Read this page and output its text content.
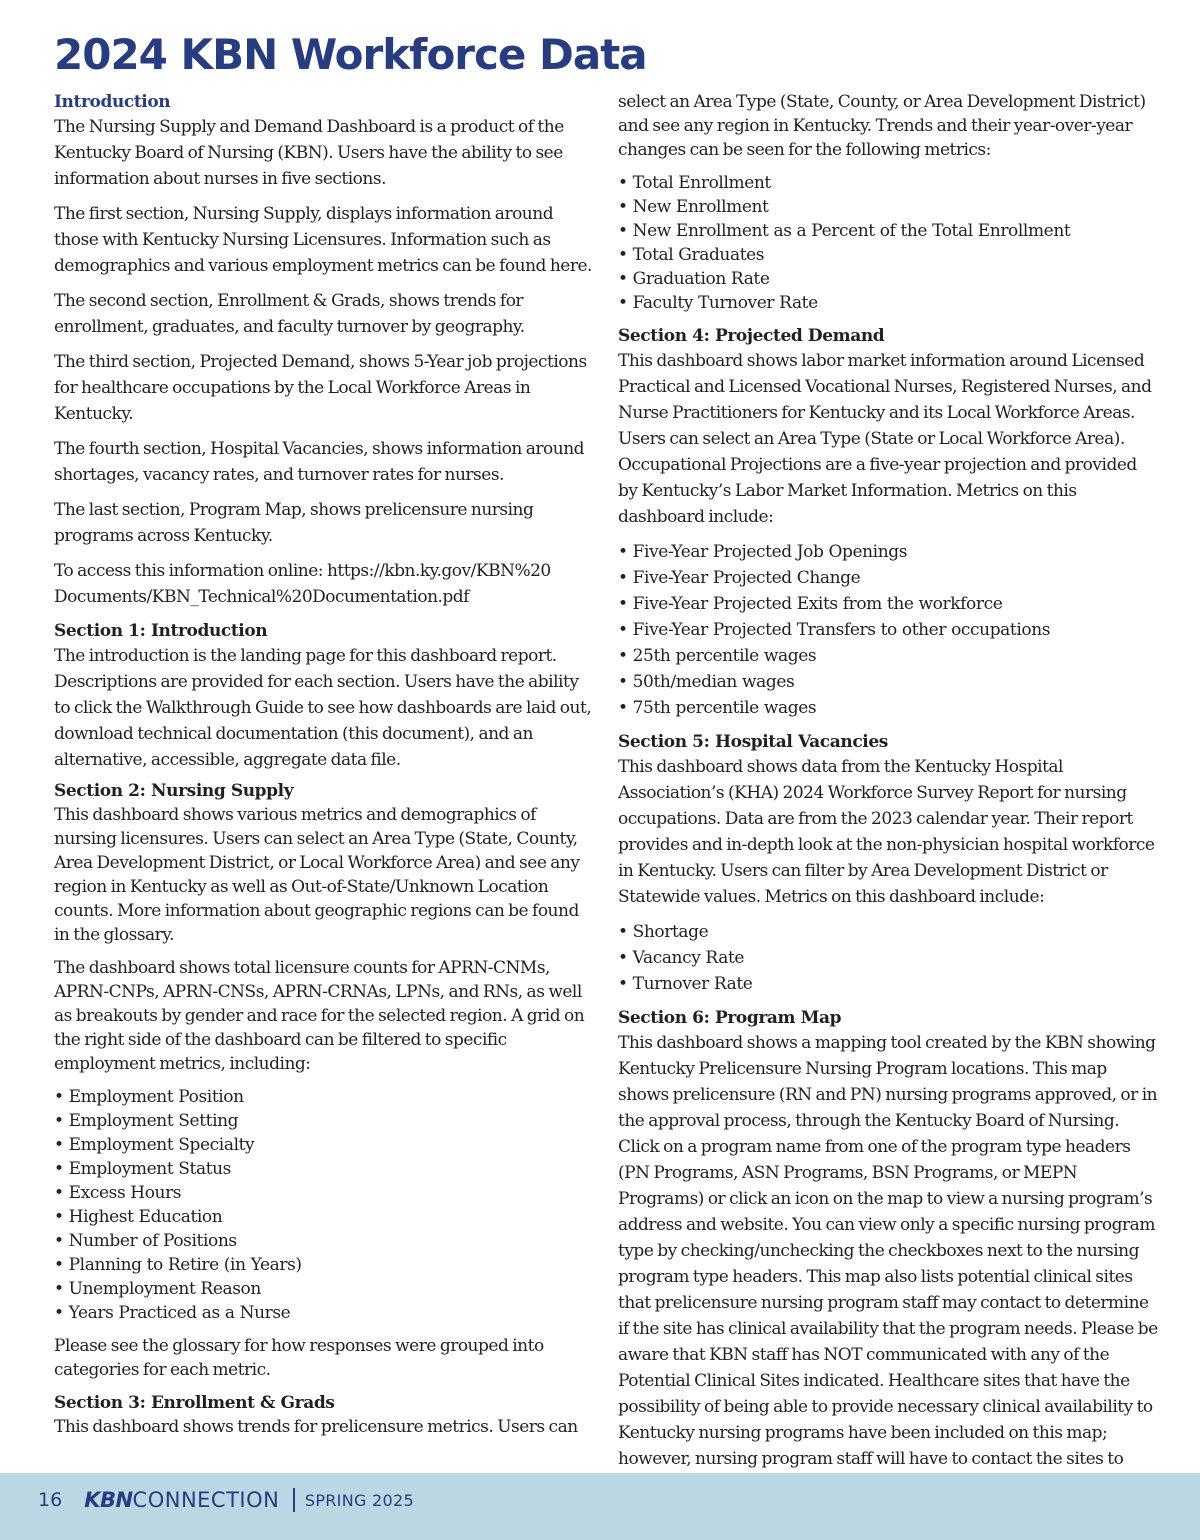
2024 KBN Workforce Data
Introduction

The Nursing Supply and Demand Dashboard is a product of the Kentucky Board of Nursing (KBN). Users have the ability to see information about nurses in five sections.

The first section, Nursing Supply, displays information around those with Kentucky Nursing Licensures. Information such as demographics and various employment metrics can be found here.

The second section, Enrollment & Grads, shows trends for enrollment, graduates, and faculty turnover by geography.

The third section, Projected Demand, shows 5-Year job projections for healthcare occupations by the Local Workforce Areas in Kentucky.

The fourth section, Hospital Vacancies, shows information around shortages, vacancy rates, and turnover rates for nurses.

The last section, Program Map, shows prelicensure nursing programs across Kentucky.

To access this information online: https://kbn.ky.gov/KBN%20 Documents/KBN_Technical%20Documentation.pdf

Section 1: Introduction

The introduction is the landing page for this dashboard report. Descriptions are provided for each section. Users have the ability to click the Walkthrough Guide to see how dashboards are laid out, download technical documentation (this document), and an alternative, accessible, aggregate data file.

Section 2: Nursing Supply

This dashboard shows various metrics and demographics of nursing licensures. Users can select an Area Type (State, County, Area Development District, or Local Workforce Area) and see any region in Kentucky as well as Out-of-State/Unknown Location counts. More information about geographic regions can be found in the glossary.

The dashboard shows total licensure counts for APRN-CNMs, APRN-CNPs, APRN-CNSs, APRN-CRNAs, LPNs, and RNs, as well as breakouts by gender and race for the selected region. A grid on the right side of the dashboard can be filtered to specific employment metrics, including:

• Employment Position
• Employment Setting
• Employment Specialty
• Employment Status
• Excess Hours
• Highest Education
• Number of Positions
• Planning to Retire (in Years)
• Unemployment Reason
• Years Practiced as a Nurse

Please see the glossary for how responses were grouped into categories for each metric.

Section 3: Enrollment & Grads

This dashboard shows trends for prelicensure metrics. Users can

select an Area Type (State, County, or Area Development District) and see any region in Kentucky. Trends and their year-over-year changes can be seen for the following metrics:

• Total Enrollment
• New Enrollment
• New Enrollment as a Percent of the Total Enrollment
• Total Graduates
• Graduation Rate
• Faculty Turnover Rate
Section 4: Projected Demand

This dashboard shows labor market information around Licensed Practical and Licensed Vocational Nurses, Registered Nurses, and Nurse Practitioners for Kentucky and its Local Workforce Areas. Users can select an Area Type (State or Local Workforce Area). Occupational Projections are a five-year projection and provided by Kentucky’s Labor Market Information. Metrics on this dashboard include:

• Five-Year Projected Job Openings
• Five-Year Projected Change
• Five-Year Projected Exits from the workforce
• Five-Year Projected Transfers to other occupations
• 25th percentile wages
• 50th/median wages
• 75th percentile wages
Section 5: Hospital Vacancies

This dashboard shows data from the Kentucky Hospital Association’s (KHA) 2024 Workforce Survey Report for nursing occupations. Data are from the 2023 calendar year. Their report provides and in-depth look at the non-physician hospital workforce in Kentucky. Users can filter by Area Development District or Statewide values. Metrics on this dashboard include:

• Shortage
• Vacancy Rate
• Turnover Rate
Section 6: Program Map

This dashboard shows a mapping tool created by the KBN showing Kentucky Prelicensure Nursing Program locations. This map shows prelicensure (RN and PN) nursing programs approved, or in the approval process, through the Kentucky Board of Nursing. Click on a program name from one of the program type headers (PN Programs, ASN Programs, BSN Programs, or MEPN Programs) or click an icon on the map to view a nursing program’s address and website. You can view only a specific nursing program type by checking/unchecking the checkboxes next to the nursing program type headers. This map also lists potential clinical sites that prelicensure nursing program staff may contact to determine if the site has clinical availability that the program needs. Please be aware that KBN staff has NOT communicated with any of the Potential Clinical Sites indicated. Healthcare sites that have the possibility of being able to provide necessary clinical availability to Kentucky nursing programs have been included on this map; however, nursing program staff will have to contact the sites to

16 KBN CONNECTION SPRING 2025
